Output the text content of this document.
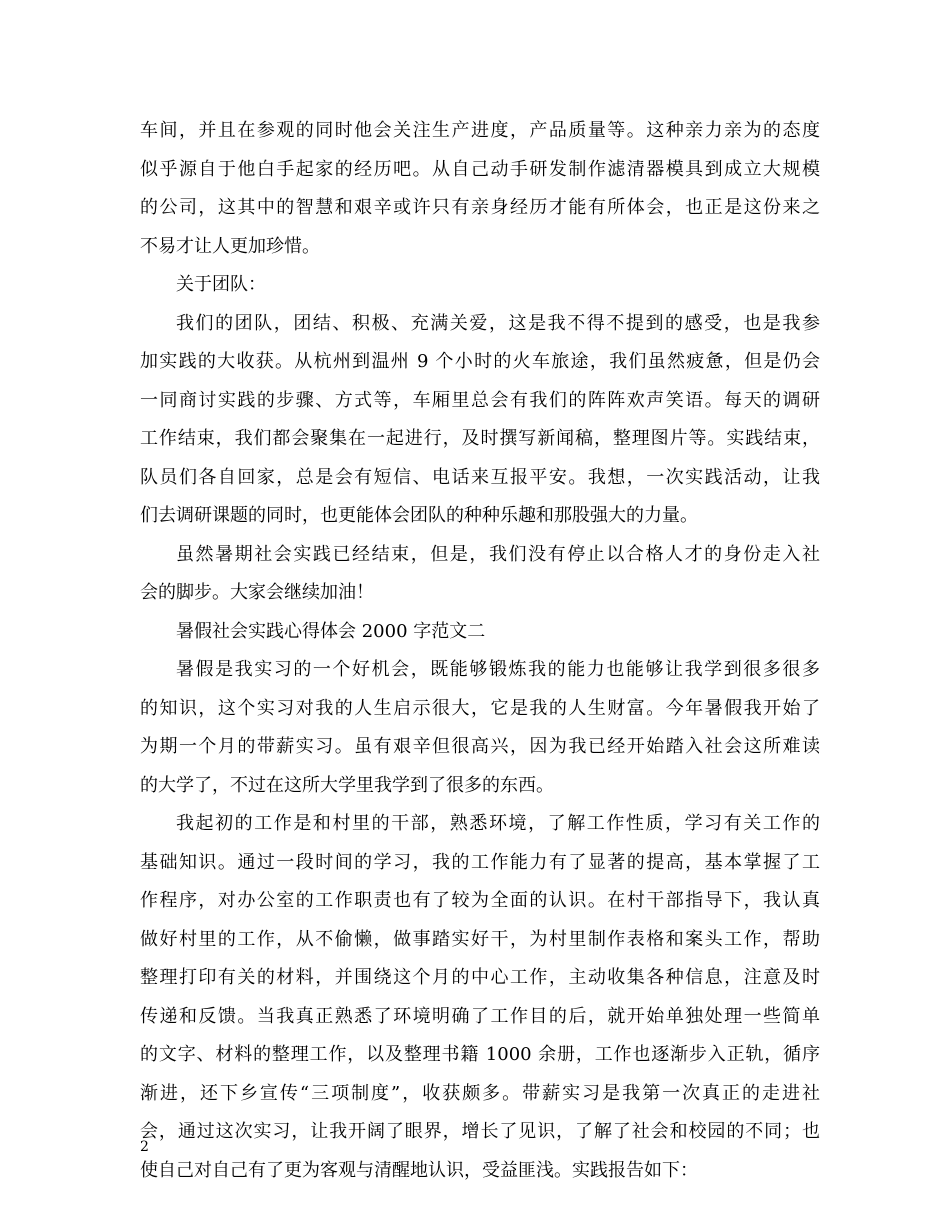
车间，并且在参观的同时他会关注生产进度，产品质量等。这种亲力亲为的态度
似乎源自于他白手起家的经历吧。从自己动手研发制作滤清器模具到成立大规模
的公司，这其中的智慧和艰辛或许只有亲身经历才能有所体会，也正是这份来之
不易才让人更加珍惜。
关于团队：
我们的团队，团结、积极、充满关爱，这是我不得不提到的感受，也是我参
加实践的大收获。从杭州到温州 9 个小时的火车旅途，我们虽然疲惫，但是仍会
一同商讨实践的步骤、方式等，车厢里总会有我们的阵阵欢声笑语。每天的调研
工作结束，我们都会聚集在一起进行，及时撰写新闻稿，整理图片等。实践结束，
队员们各自回家，总是会有短信、电话来互报平安。我想，一次实践活动，让我
们去调研课题的同时，也更能体会团队的种种乐趣和那股强大的力量。
虽然暑期社会实践已经结束，但是，我们没有停止以合格人才的身份走入社
会的脚步。大家会继续加油！
暑假社会实践心得体会 2000 字范文二
暑假是我实习的一个好机会，既能够锻炼我的能力也能够让我学到很多很多
的知识，这个实习对我的人生启示很大，它是我的人生财富。今年暑假我开始了
为期一个月的带薪实习。虽有艰辛但很高兴，因为我已经开始踏入社会这所难读
的大学了，不过在这所大学里我学到了很多的东西。
我起初的工作是和村里的干部，熟悉环境，了解工作性质，学习有关工作的
基础知识。通过一段时间的学习，我的工作能力有了显著的提高，基本掌握了工
作程序，对办公室的工作职责也有了较为全面的认识。在村干部指导下，我认真
做好村里的工作，从不偷懒，做事踏实好干，为村里制作表格和案头工作，帮助
整理打印有关的材料，并围绕这个月的中心工作，主动收集各种信息，注意及时
传递和反馈。当我真正熟悉了环境明确了工作目的后，就开始单独处理一些简单
的文字、材料的整理工作，以及整理书籍 1000 余册，工作也逐渐步入正轨，循序
渐进，还下乡宣传“三项制度”，收获颇多。带薪实习是我第一次真正的走进社
会，通过这次实习，让我开阔了眼界，增长了见识，了解了社会和校园的不同；也
使自己对自己有了更为客观与清醒地认识，受益匪浅。实践报告如下：
2
